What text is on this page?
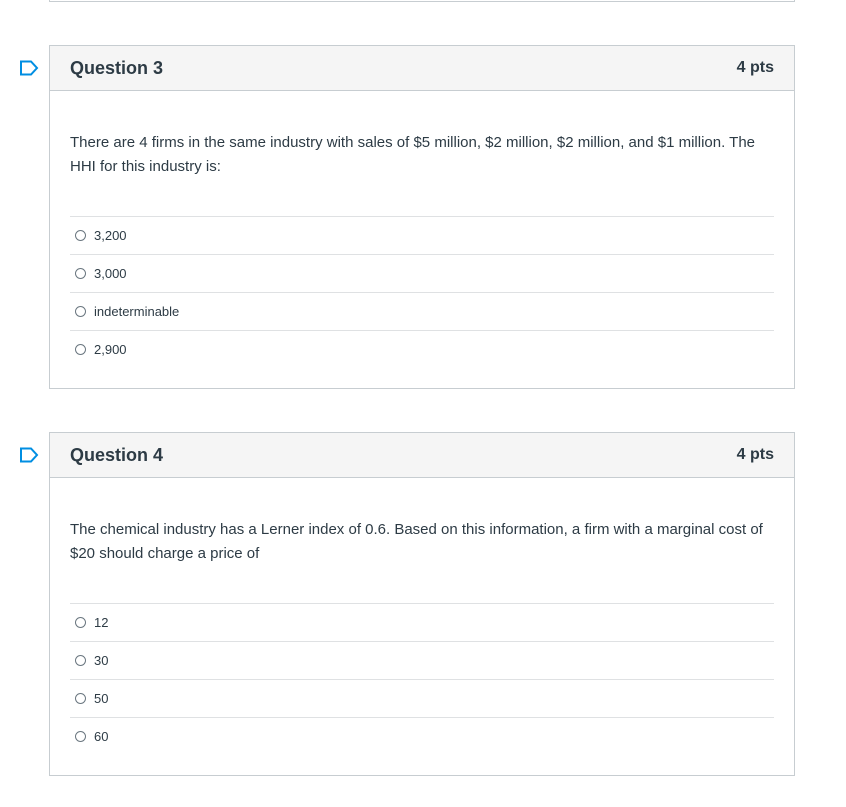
Question 3	4 pts
There are 4 firms in the same industry with sales of $5 million, $2 million, $2 million, and $1 million. The HHI for this industry is:
3,200
3,000
indeterminable
2,900
Question 4	4 pts
The chemical industry has a Lerner index of 0.6. Based on this information, a firm with a marginal cost of $20 should charge a price of
12
30
50
60
